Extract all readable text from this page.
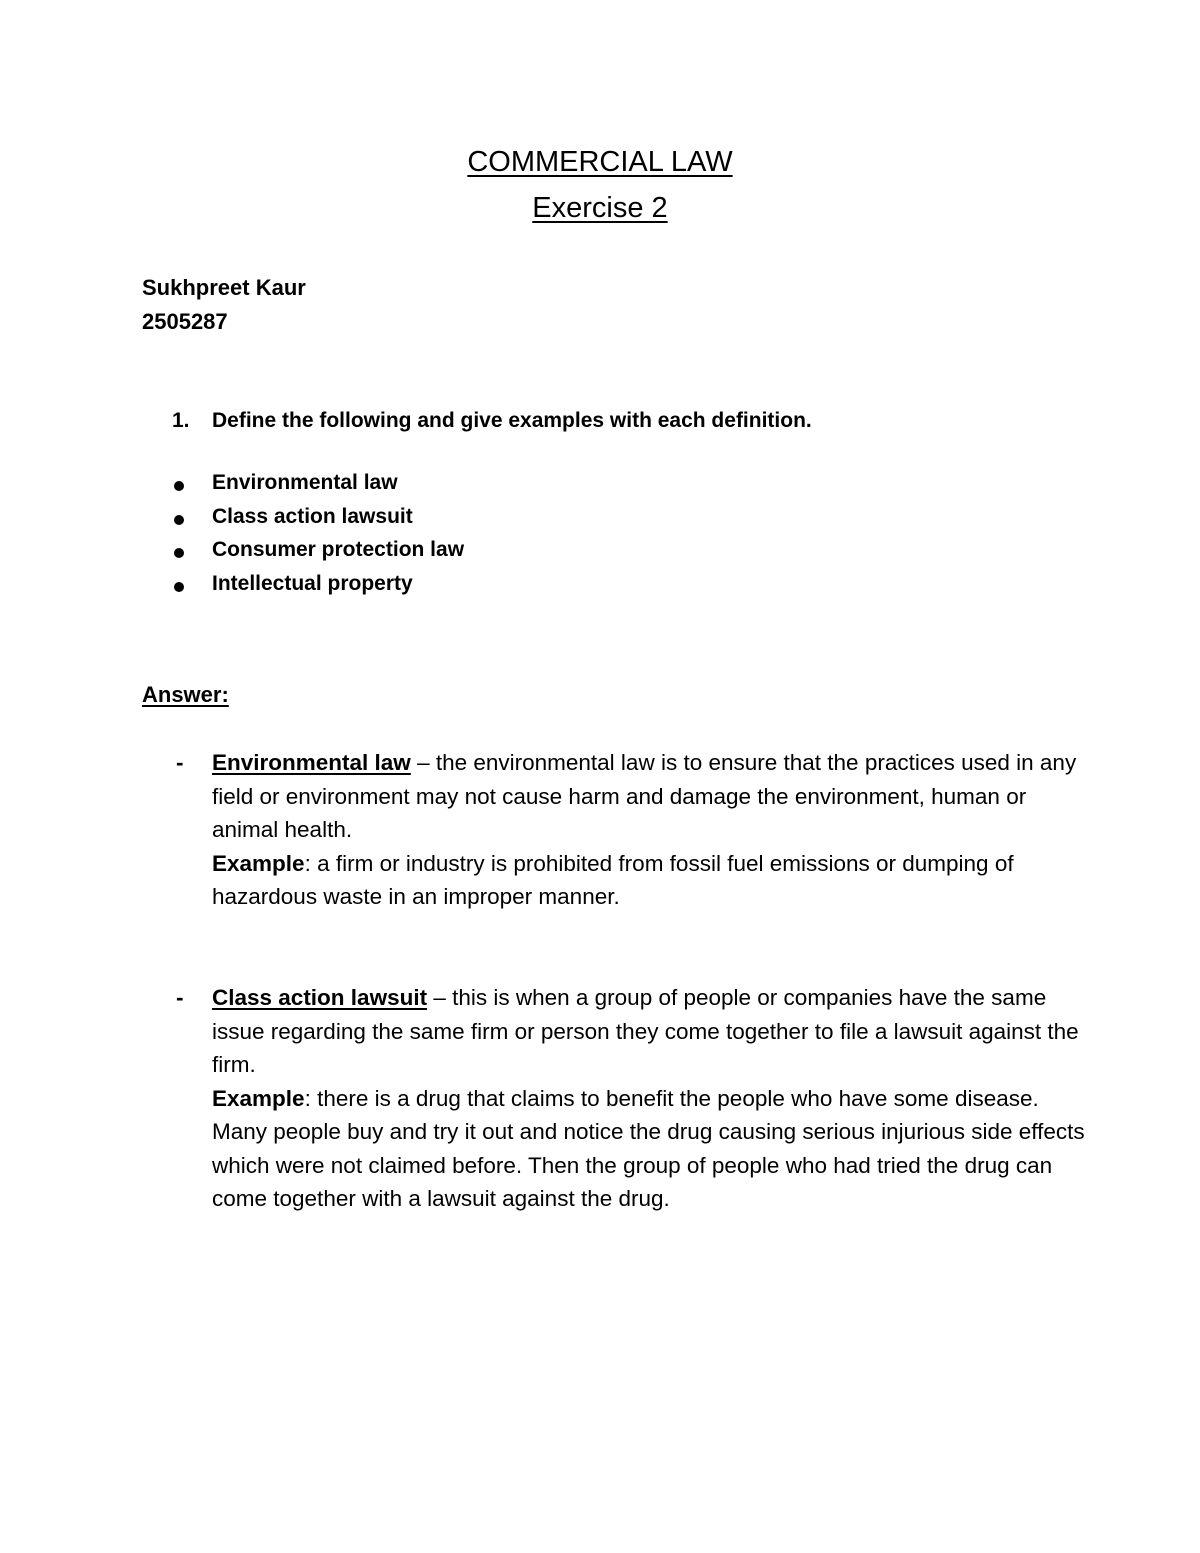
COMMERCIAL LAW
Exercise 2
Sukhpreet Kaur
2505287
1. Define the following and give examples with each definition.
Environmental law
Class action lawsuit
Consumer protection law
Intellectual property
Answer:
- Environmental law – the environmental law is to ensure that the practices used in any field or environment may not cause harm and damage the environment, human or animal health.

Example: a firm or industry is prohibited from fossil fuel emissions or dumping of hazardous waste in an improper manner.

- Class action lawsuit – this is when a group of people or companies have the same issue regarding the same firm or person they come together to file a lawsuit against the firm.

Example: there is a drug that claims to benefit the people who have some disease. Many people buy and try it out and notice the drug causing serious injurious side effects which were not claimed before. Then the group of people who had tried the drug can come together with a lawsuit against the drug.
